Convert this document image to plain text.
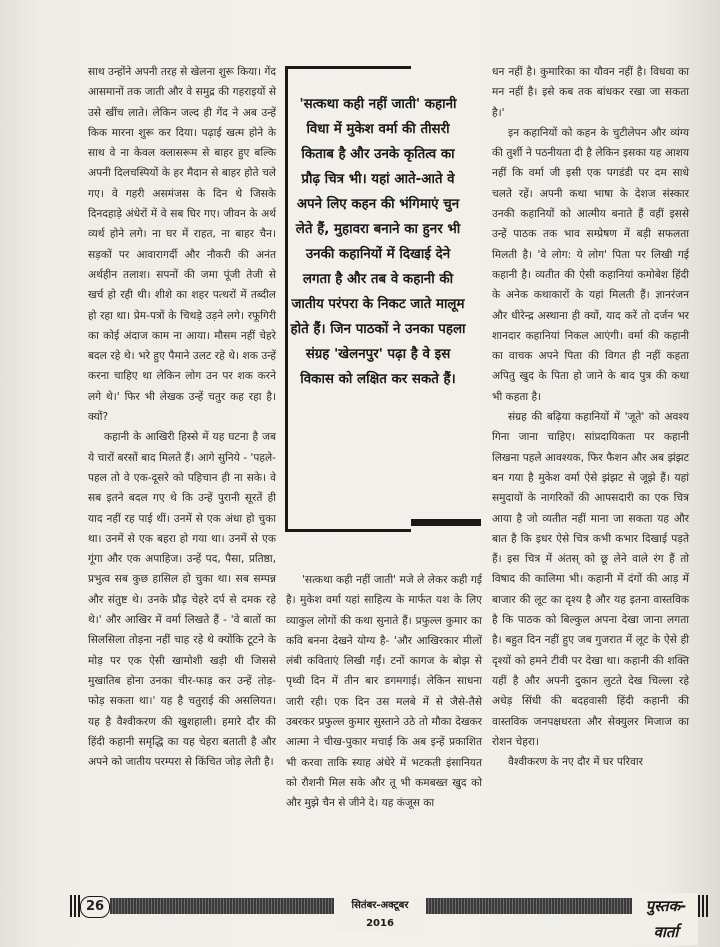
साथ उन्होंने अपनी तरह से खेलना शुरू किया। गेंद आसमानों तक जाती और वे समुद्र की गहराइयों से उसे खींच लाते। लेकिन जल्द ही गेंद ने अब उन्हें किक मारना शुरू कर दिया। पढ़ाई खत्म होने के साथ वे ना केवल क्लासरूम से बाहर हुए बल्कि अपनी दिलचस्पियों के हर मैदान से बाहर होते चले गए। वे गहरी असमंजस के दिन थे जिसके दिनदहाड़े अंधेरों में वे सब घिर गए। जीवन के अर्थ व्यर्थ होने लगे। ना घर में राहत, ना बाहर चैन। सड़कों पर आवारागर्दी और नौकरी की अनंत अर्थहीन तलाश। सपनों की जमा पूंजी तेजी से खर्च हो रही थी। शीशे का शहर पत्थरों में तब्दील हो रहा था। प्रेम-पत्रों के चिथड़े उड़ने लगे। रफूगिरी का कोई अंदाज काम ना आया। मौसम नहीं चेहरे बदल रहे थे। भरे हुए पैमाने उलट रहे थे। शक उन्हें करना चाहिए था लेकिन लोग उन पर शक करने लगे थे।' फिर भी लेखक उन्हें चतुर कह रहा है। क्यों?

कहानी के आखिरी हिस्से में यह घटना है जब ये चारों बरसों बाद मिलते हैं। आगे सुनिये - 'पहले-पहल तो वे एक-दूसरे को पहिचान ही ना सके। वे सब इतने बदल गए थे कि उन्हें पुरानी सूरतें ही याद नहीं रह पाई थीं। उनमें से एक अंधा हो चुका था। उनमें से एक बहरा हो गया था। उनमें से एक गूंगा और एक अपाहिज। उन्हें पद, पैसा, प्रतिष्ठा, प्रभुत्व सब कुछ हासिल हो चुका था। सब सम्पन्न और संतुष्ट थे। उनके प्रौढ़ चेहरे दर्प से दमक रहे थे।' और आखिर में वर्मा लिखते हैं - 'वे बातों का सिलसिला तोड़ना नहीं चाह रहे थे क्योंकि टूटने के मोड़ पर एक ऐसी खामोशी खड़ी थी जिससे मुखातिब होना उनका चीर-फाड़ कर उन्हें तोड़-फोड़ सकता था।' यह है चतुराई की असलियत। यह है वैश्वीकरण की खुशहाली। हमारे दौर की हिंदी कहानी समृद्धि का यह चेहरा बताती है और अपने को जातीय परम्परा से किंचित जोड़ लेती है।

'सत्कथा कही नहीं जाती' कहानी विधा में मुकेश वर्मा की तीसरी किताब है और उनके कृतित्व का प्रौढ़ चित्र भी। यहां आते-आते वे अपने लिए कहन की भंगिमाएं चुन लेते हैं, मुहावरा बनाने का हुनर भी उनकी कहानियों में दिखाई देने लगता है और तब वे कहानी की जातीय परंपरा के निकट जाते मालूम होते हैं। जिन पाठकों ने उनका पहला संग्रह 'खेलनपुर' पढ़ा है वे इस विकास को लक्षित कर सकते हैं।

'सत्कथा कही नहीं जाती' मजे ले लेकर कही गई है। मुकेश वर्मा यहां साहित्य के मार्फत यश के लिए व्याकुल लोगों की कथा सुनाते हैं। प्रफुल्ल कुमार का कवि बनना देखने योग्य है- 'और आखिरकार मीलों लंबी कविताएं लिखी गईं। टनों कागज के बोझ से पृथ्वी दिन में तीन बार डगमगाई। लेकिन साधना जारी रही। एक दिन उस मलबे में से जैसे-तैसे उबरकर प्रफुल्ल कुमार सुस्ताने उठे तो मौका देखकर आत्मा ने चीख-पुकार मचाई कि अब इन्हें प्रकाशित भी करवा ताकि स्याह अंधेरे में भटकती इंसानियत को रौशनी मिल सके और तू भी कमबख्त खुद को और मुझे चैन से जीने दे। यह कंजूस का

धन नहीं है। कुमारिका का यौवन नहीं है। विधवा का मन नहीं है। इसे कब तक बांधकर रखा जा सकता है।'

इन कहानियों को कहन के चुटीलेपन और व्यंग्य की तुर्शी ने पठनीयता दी है लेकिन इसका यह आशय नहीं कि वर्मा जी इसी एक पगडंडी पर दम साधे चलते रहें। अपनी कथा भाषा के देशज संस्कार उनकी कहानियों को आत्मीय बनाते हैं वहीं इससे उन्हें पाठक तक भाव सम्प्रेषण में बड़ी सफलता मिलती है। 'वे लोग: ये लोग' पिता पर लिखी गई कहानी है। व्यतीत की ऐसी कहानियां कमोबेश हिंदी के अनेक कथाकारों के यहां मिलती हैं। ज्ञानरंजन और धीरेन्द्र अस्थाना ही क्यों, याद करें तो दर्जन भर शानदार कहानियां निकल आएंगी। वर्मा की कहानी का वाचक अपने पिता की विगत ही नहीं कहता अपितु खुद के पिता हो जाने के बाद पुत्र की कथा भी कहता है।

संग्रह की बढ़िया कहानियों में 'जूते' को अवश्य गिना जाना चाहिए। सांप्रदायिकता पर कहानी लिखना पहले आवश्यक, फिर फैशन और अब झंझट बन गया है मुकेश वर्मा ऐसे झंझट से जूझे हैं। यहां समुदायों के नागरिकों की आपसदारी का एक चित्र आया है जो व्यतीत नहीं माना जा सकता यह और बात है कि इधर ऐसे चित्र कभी कभार दिखाई पड़ते हैं। इस चित्र में अंतस् को छू लेने वाले रंग हैं तो विषाद की कालिमा भी। कहानी में दंगों की आड़ में बाजार की लूट का दृश्य है और यह इतना वास्तविक है कि पाठक को बिल्कुल अपना देखा जाना लगता है। बहुत दिन नहीं हुए जब गुजरात में लूट के ऐसे ही दृश्यों को हमने टीवी पर देखा था। कहानी की शक्ति यहीं है और अपनी दुकान लुटते देख चिल्ला रहे अधेड़ सिंधी की बदहवासी हिंदी कहानी की वास्तविक जनपक्षधरता और सेक्युलर मिजाज का रोशन चेहरा।

वैश्वीकरण के नए दौर में घर परिवार

26	सितंबर-अक्टूबर 2016
पुस्तक-वार्ता
